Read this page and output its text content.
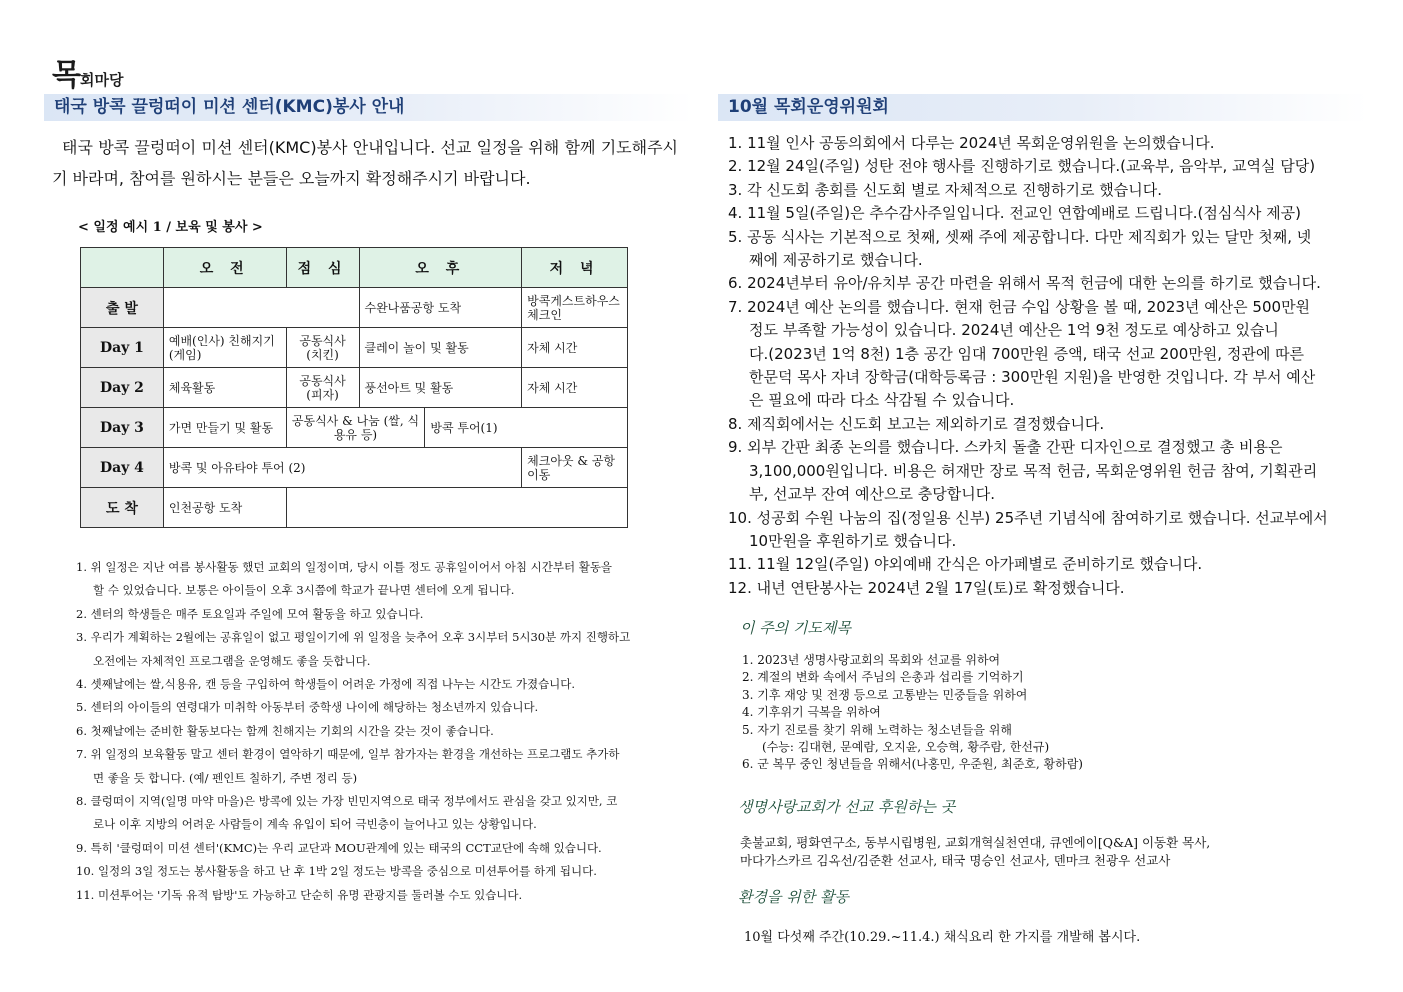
목회마당
태국 방콕 끌렁떠이 미션 센터(KMC)봉사 안내	10월 목회운영위원회

태국 방콕 끌렁떠이 미션 센터(KMC)봉사 안내입니다. 선교 일정을 위해 함께 기도해주시기 바라며, 참여를 원하시는 분들은 오늘까지 확정해주시기 바랍니다.

< 일정 예시 1 / 보육 및 봉사 >
	오 전	점 심	오 후		저 녁
출 발			수완나품공항 도착		방콕게스트하우스 체크인
Day 1	예배(인사) 친해지기(게임)	공동식사 (치킨)	클레이 놀이 및 활동		자체 시간
Day 2	체육활동	공동식사 (피자)	풍선아트 및 활동		자체 시간
Day 3	가면 만들기 및 활동	공동식사 & 나눔 (쌀, 식용유 등)		방콕 투어(1)	
Day 4	방콕 및 아유타야 투어 (2)				체크아웃 & 공항 이동
도 착	인천공항 도착				
1. 위 일정은 지난 여름 봉사활동 했던 교회의 일정이며, 당시 이틀 정도 공휴일이어서 아침 시간부터 활동을
할 수 있었습니다. 보통은 아이들이 오후 3시쯤에 학교가 끝나면 센터에 오게 됩니다.
2. 센터의 학생들은 매주 토요일과 주일에 모여 활동을 하고 있습니다.
3. 우리가 계획하는 2월에는 공휴일이 없고 평일이기에 위 일정을 늦추어 오후 3시부터 5시30분 까지 진행하고
오전에는 자체적인 프로그램을 운영해도 좋을 듯합니다.
4. 셋째날에는 쌀,식용유, 캔 등을 구입하여 학생들이 어려운 가정에 직접 나누는 시간도 가졌습니다.
5. 센터의 아이들의 연령대가 미취학 아동부터 중학생 나이에 해당하는 청소년까지 있습니다.
6. 첫째날에는 준비한 활동보다는 함께 친해지는 기회의 시간을 갖는 것이 좋습니다.
7. 위 일정의 보육활동 말고 센터 환경이 열악하기 때문에, 일부 참가자는 환경을 개선하는 프로그램도 추가하
면 좋을 듯 합니다. (예/ 펜인트 칠하기, 주변 정리 등)
8. 클렁떠이 지역(일명 마약 마을)은 방콕에 있는 가장 빈민지역으로 태국 정부에서도 관심을 갖고 있지만, 코
로나 이후 지방의 어려운 사람들이 계속 유입이 되어 극빈층이 늘어나고 있는 상황입니다.
9. 특히 '클렁떠이 미션 센터'(KMC)는 우리 교단과 MOU관계에 있는 태국의 CCT교단에 속해 있습니다.
10. 일정의 3일 정도는 봉사활동을 하고 난 후 1박 2일 정도는 방콕을 중심으로 미션투어를 하게 됩니다.
11. 미션투어는 '기독 유적 탐방'도 가능하고 단순히 유명 관광지를 둘러볼 수도 있습니다.
1. 11월 인사 공동의회에서 다루는 2024년 목회운영위원을 논의했습니다.
2. 12월 24일(주일) 성탄 전야 행사를 진행하기로 했습니다.(교육부, 음악부, 교역실 담당)
3. 각 신도회 총회를 신도회 별로 자체적으로 진행하기로 했습니다.
4. 11월 5일(주일)은 추수감사주일입니다. 전교인 연합예배로 드립니다.(점심식사 제공)
5. 공동 식사는 기본적으로 첫째, 셋째 주에 제공합니다. 다만 제직회가 있는 달만 첫째, 넷
째에 제공하기로 했습니다.
6. 2024년부터 유아/유치부 공간 마련을 위해서 목적 헌금에 대한 논의를 하기로 했습니다.
7. 2024년 예산 논의를 했습니다. 현재 헌금 수입 상황을 볼 때, 2023년 예산은 500만원
정도 부족할 가능성이 있습니다. 2024년 예산은 1억 9천 정도로 예상하고 있습니
다.(2023년 1억 8천) 1층 공간 임대 700만원 증액, 태국 선교 200만원, 정관에 따른
한문덕 목사 자녀 장학금(대학등록금 : 300만원 지원)을 반영한 것입니다. 각 부서 예산
은 필요에 따라 다소 삭감될 수 있습니다.
8. 제직회에서는 신도회 보고는 제외하기로 결정했습니다.
9. 외부 간판 최종 논의를 했습니다. 스카치 돌출 간판 디자인으로 결정했고 총 비용은
3,100,000원입니다. 비용은 허재만 장로 목적 헌금, 목회운영위원 헌금 참여, 기획관리
부, 선교부 잔여 예산으로 충당합니다.
10. 성공회 수원 나눔의 집(정일용 신부) 25주년 기념식에 참여하기로 했습니다. 선교부에서
10만원을 후원하기로 했습니다.
11. 11월 12일(주일) 야외예배 간식은 아가페별로 준비하기로 했습니다.
12. 내년 연탄봉사는 2024년 2월 17일(토)로 확정했습니다.
이 주의 기도제목
1. 2023년 생명사랑교회의 목회와 선교를 위하여
2. 계절의 변화 속에서 주님의 은총과 섭리를 기억하기
3. 기후 재앙 및 전쟁 등으로 고통받는 민중들을 위하여
4. 기후위기 극복을 위하여
5. 자기 진로를 찾기 위해 노력하는 청소년들을 위해
(수능: 김대현, 문예람, 오지윤, 오승혁, 황주람, 한선규)
6. 군 복무 중인 청년들을 위해서(나홍민, 우준원, 최준호, 황하람)
생명사랑교회가 선교 후원하는 곳

촛불교회, 평화연구소, 동부시립병원, 교회개혁실천연대, 큐엔에이[Q&A] 이동환 목사,

마다가스카르 김옥선/김준환 선교사, 태국 명승인 선교사, 덴마크 천광우 선교사

환경을 위한 활동
10월 다섯째 주간(10.29.~11.4.) 채식요리 한 가지를 개발해 봅시다.
